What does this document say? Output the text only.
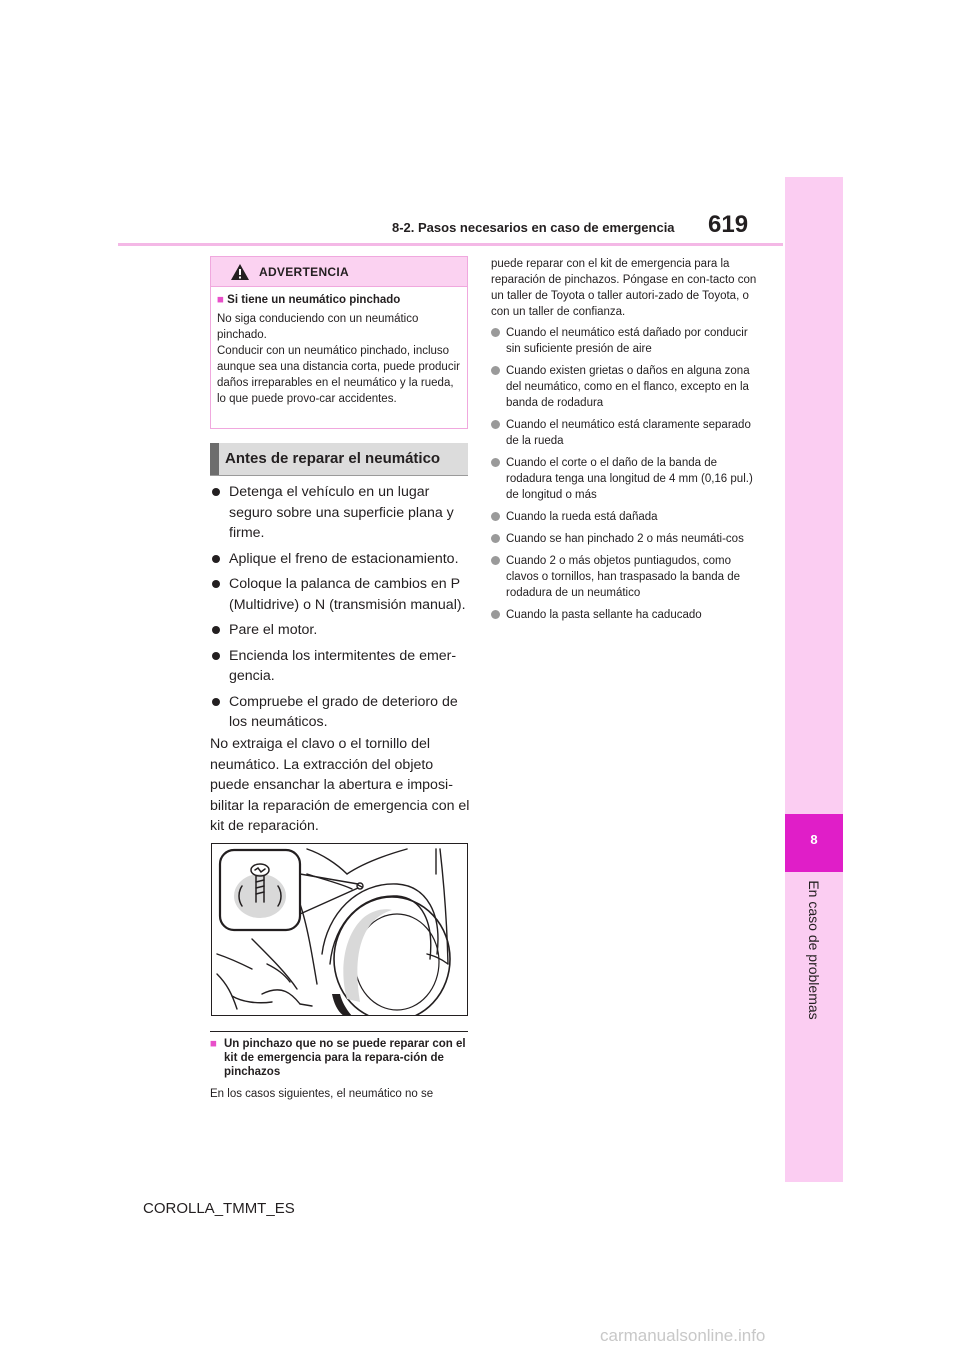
8-2. Pasos necesarios en caso de emergencia 619
8
En caso de problemas
ADVERTENCIA
■ Si tiene un neumático pinchado
No siga conduciendo con un neumático pinchado.
Conducir con un neumático pinchado, incluso aunque sea una distancia corta, puede producir daños irreparables en el neumático y la rueda, lo que puede provo-car accidentes.
Antes de reparar el neumático
Detenga el vehículo en un lugar seguro sobre una superficie plana y firme.
Aplique el freno de estacionamiento.
Coloque la palanca de cambios en P (Multidrive) o N (transmisión manual).
Pare el motor.
Encienda los intermitentes de emer-gencia.
Compruebe el grado de deterioro de los neumáticos.
No extraiga el clavo o el tornillo del neumático. La extracción del objeto puede ensanchar la abertura e imposi-bilitar la reparación de emergencia con el kit de reparación.
■ Un pinchazo que no se puede reparar con el kit de emergencia para la repara-ción de pinchazos
En los casos siguientes, el neumático no se
puede reparar con el kit de emergencia para la reparación de pinchazos. Póngase en con-tacto con un taller de Toyota o taller autori-zado de Toyota, o con un taller de confianza.
Cuando el neumático está dañado por conducir sin suficiente presión de aire
Cuando existen grietas o daños en alguna zona del neumático, como en el flanco, excepto en la banda de rodadura
Cuando el neumático está claramente separado de la rueda
Cuando el corte o el daño de la banda de rodadura tenga una longitud de 4 mm (0,16 pul.) de longitud o más
Cuando la rueda está dañada
Cuando se han pinchado 2 o más neumáti-cos
Cuando 2 o más objetos puntiagudos, como clavos o tornillos, han traspasado la banda de rodadura de un neumático
Cuando la pasta sellante ha caducado
COROLLA_TMMT_ES
carmanualsonline.info
